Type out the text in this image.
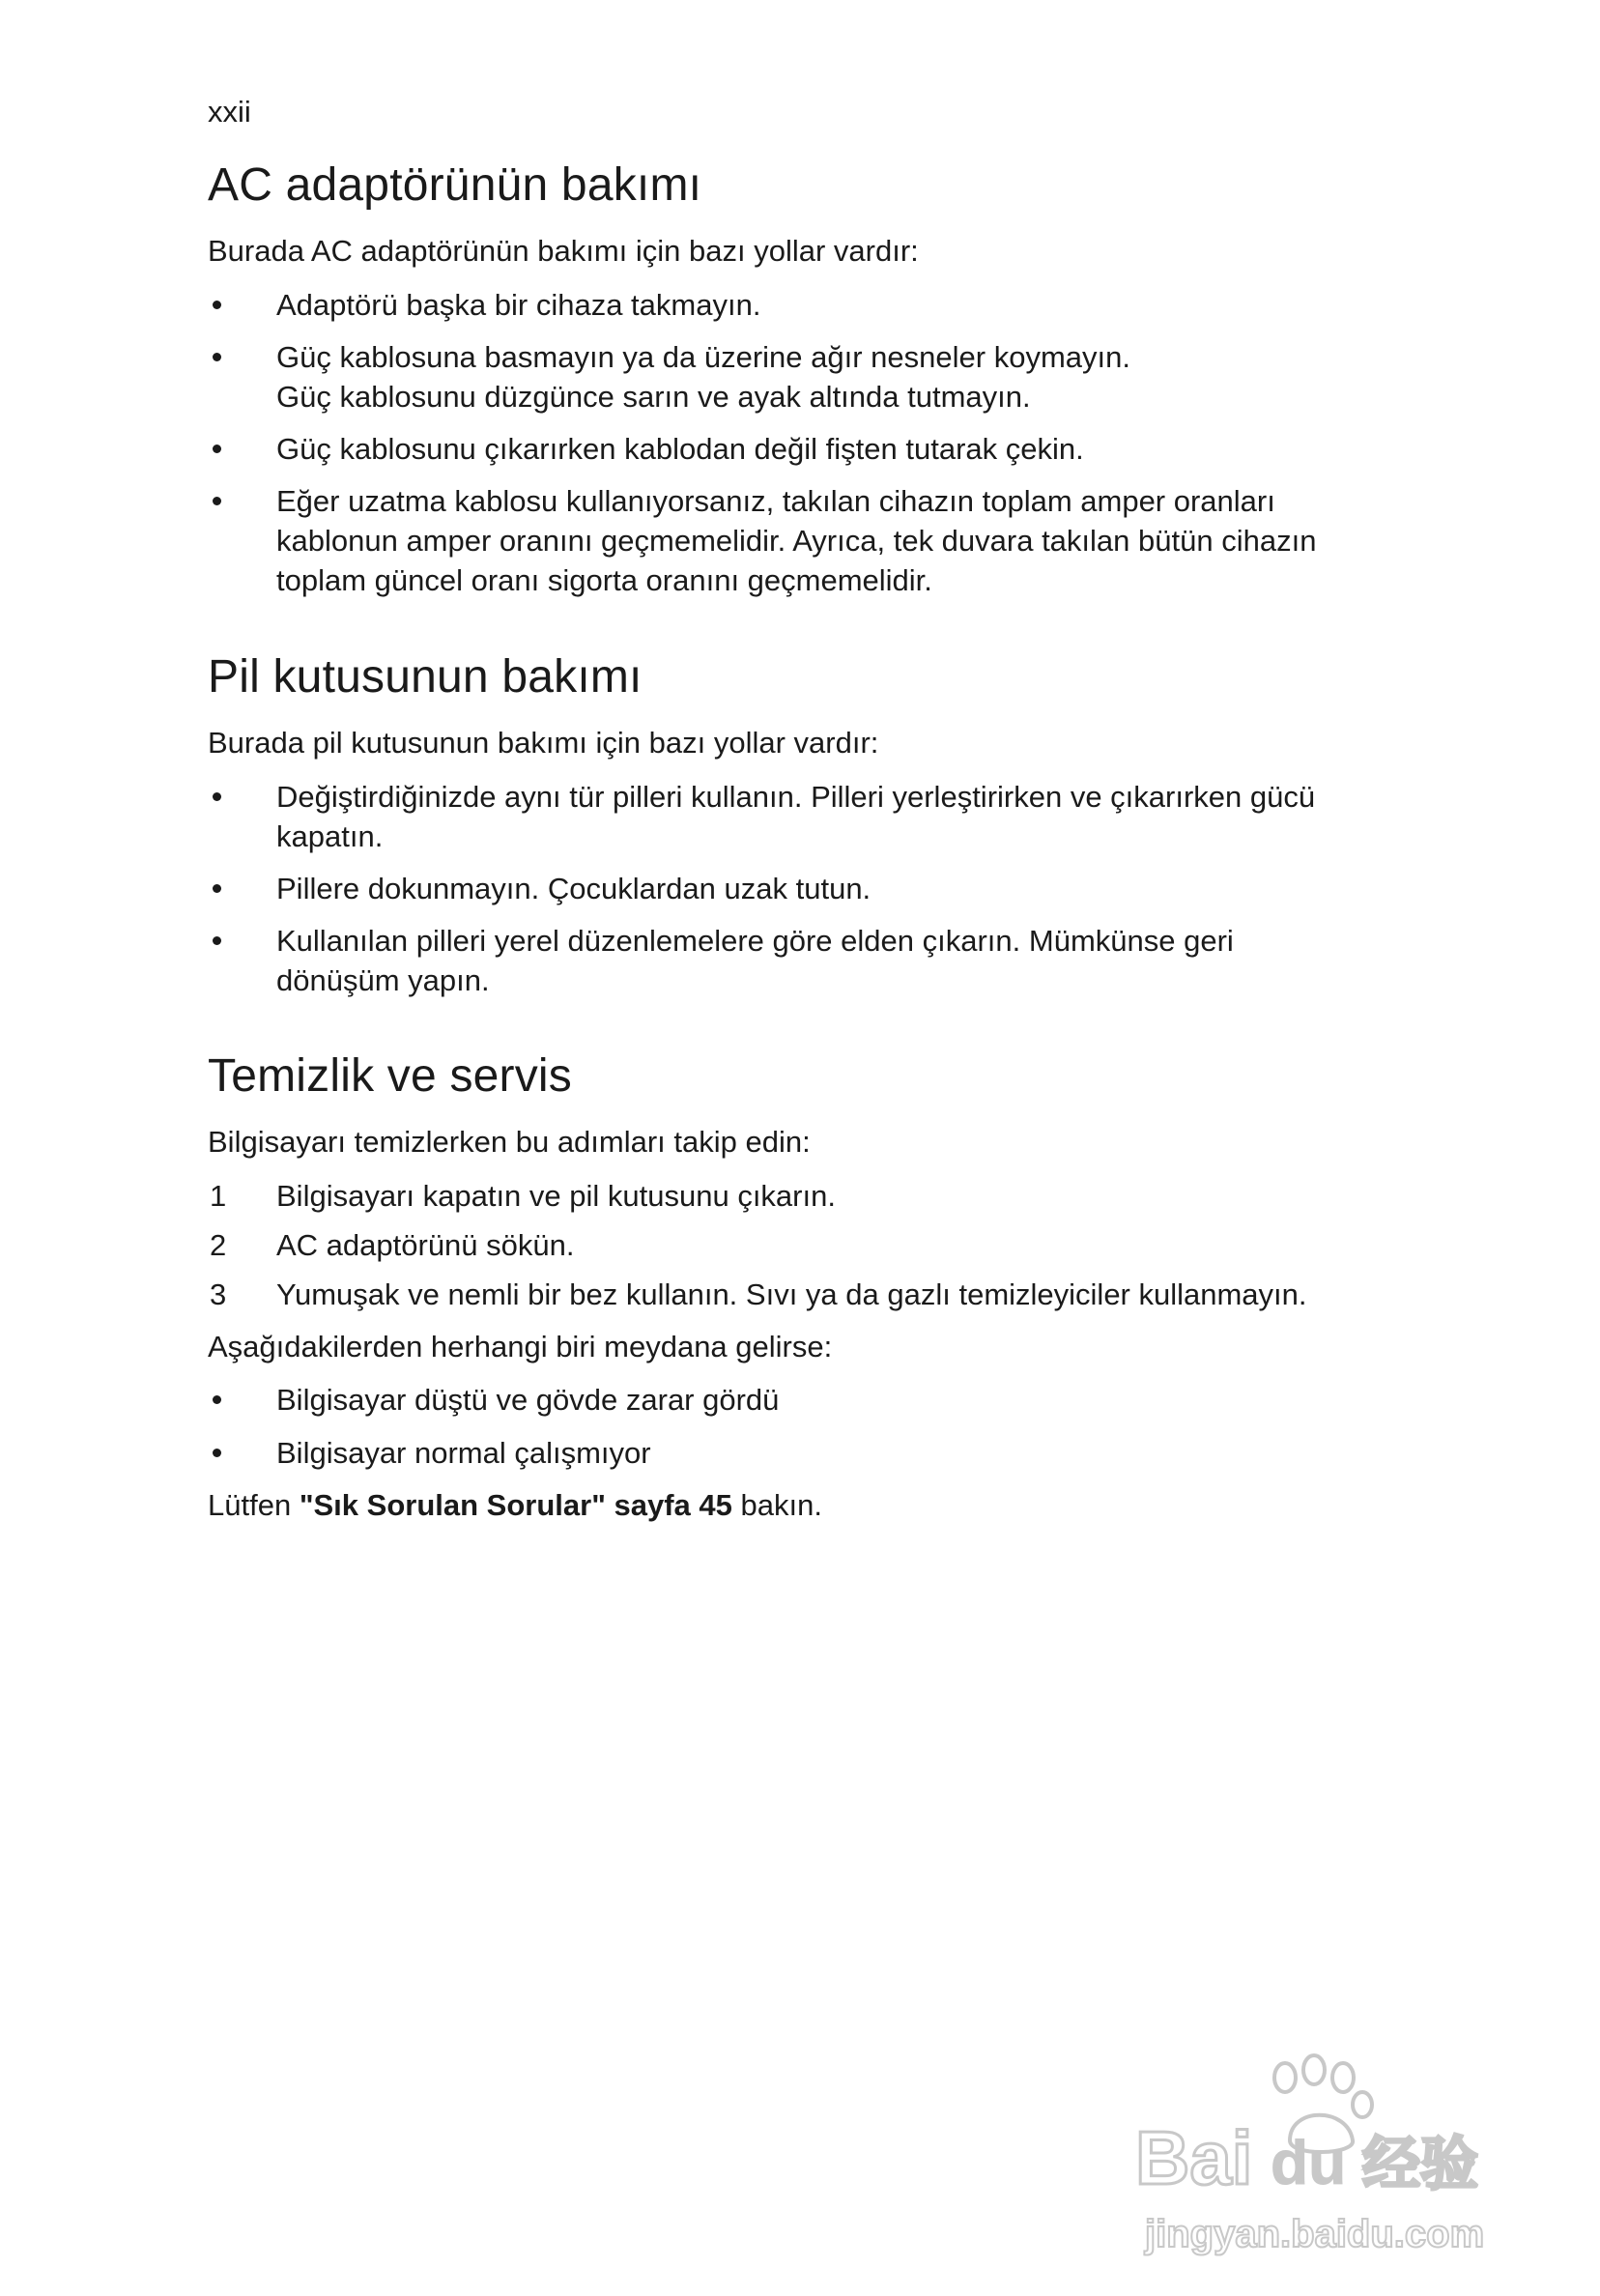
xxii
AC adaptörünün bakımı

Burada AC adaptörünün bakımı için bazı yollar vardır:

Adaptörü başka bir cihaza takmayın.
Güç kablosuna basmayın ya da üzerine ağır nesneler koymayın.
Güç kablosunu düzgünce sarın ve ayak altında tutmayın.
Güç kablosunu çıkarırken kablodan değil fişten tutarak çekin.
Eğer uzatma kablosu kullanıyorsanız, takılan cihazın toplam amper oranları
kablonun amper oranını geçmemelidir. Ayrıca, tek duvara takılan bütün cihazın
toplam güncel oranı sigorta oranını geçmemelidir.
Pil kutusunun bakımı

Burada pil kutusunun bakımı için bazı yollar vardır:

Değiştirdiğinizde aynı tür pilleri kullanın. Pilleri yerleştirirken ve çıkarırken gücü
kapatın.
Pillere dokunmayın. Çocuklardan uzak tutun.
Kullanılan pilleri yerel düzenlemelere göre elden çıkarın. Mümkünse geri
dönüşüm yapın.
Temizlik ve servis

Bilgisayarı temizlerken bu adımları takip edin:

1	Bilgisayarı kapatın ve pil kutusunu çıkarın.
2	AC adaptörünü sökün.
3	Yumuşak ve nemli bir bez kullanın. Sıvı ya da gazlı temizleyiciler kullanmayın.

Aşağıdakilerden herhangi biri meydana gelirse:

Bilgisayar düştü ve gövde zarar gördü
Bilgisayar normal çalışmıyor

Lütfen "Sık Sorulan Sorular" sayfa 45 bakın.

Bai du 经验
jingyan.baidu.com
